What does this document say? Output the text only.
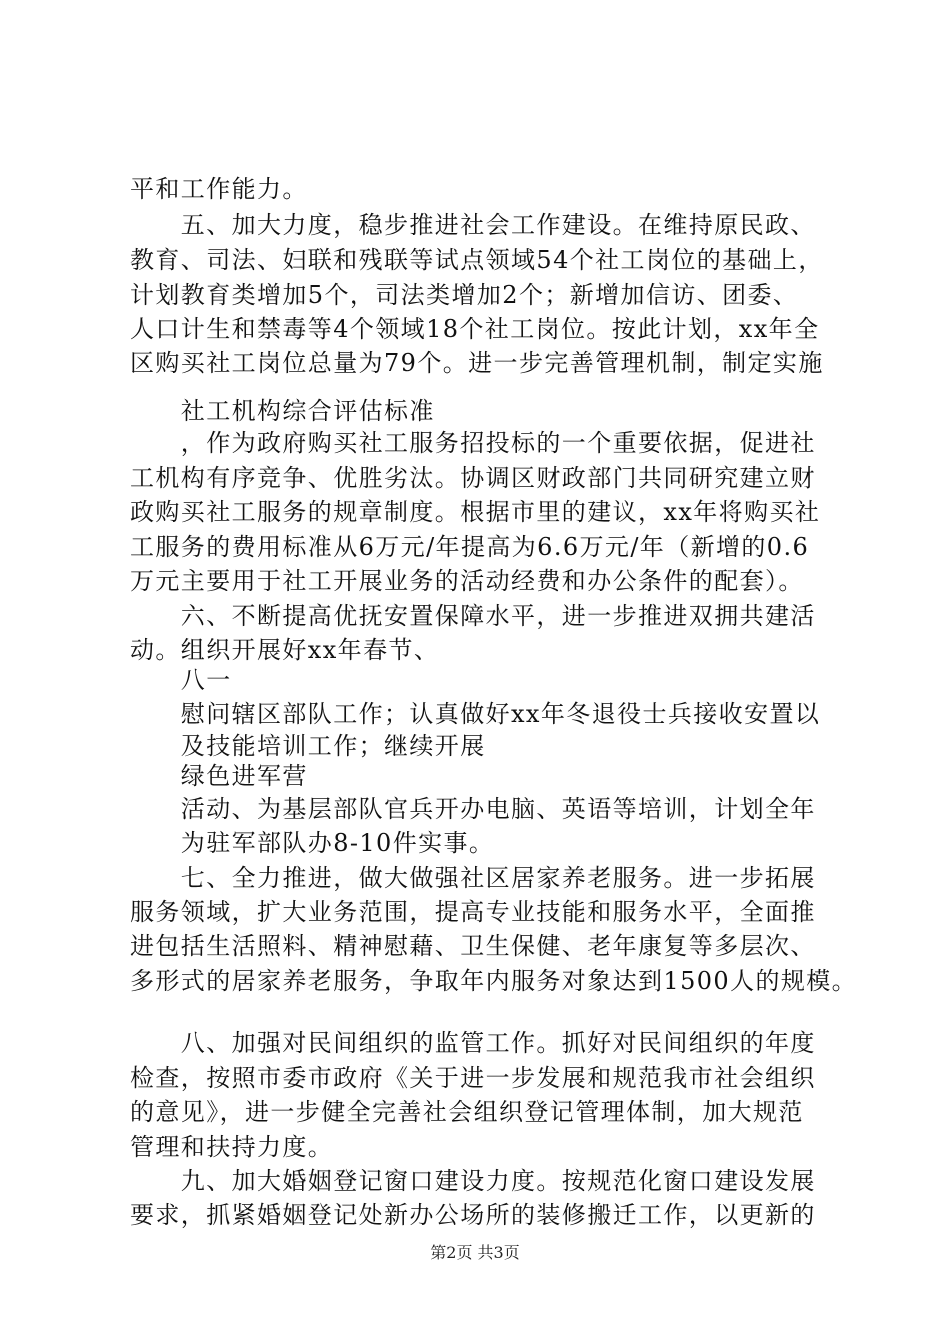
平和工作能力。
　　五、加大力度，稳步推进社会工作建设。在维持原民政、
教育、司法、妇联和残联等试点领域54个社工岗位的基础上，
计划教育类增加5个，司法类增加2个；新增加信访、团委、
人口计生和禁毒等4个领域18个社工岗位。按此计划，xx年全
区购买社工岗位总量为79个。进一步完善管理机制，制定实施
　　社工机构综合评估标准
　　，作为政府购买社工服务招投标的一个重要依据，促进社
工机构有序竞争、优胜劣汰。协调区财政部门共同研究建立财
政购买社工服务的规章制度。根据市里的建议，xx年将购买社
工服务的费用标准从6万元/年提高为6.6万元/年（新增的0.6
万元主要用于社工开展业务的活动经费和办公条件的配套）。
　　六、不断提高优抚安置保障水平，进一步推进双拥共建活
动。组织开展好xx年春节、
　　八一
　　慰问辖区部队工作；认真做好xx年冬退役士兵接收安置以
　　及技能培训工作；继续开展
　　绿色进军营
　　活动、为基层部队官兵开办电脑、英语等培训，计划全年
　　为驻军部队办8-10件实事。
　　七、全力推进，做大做强社区居家养老服务。进一步拓展
服务领域，扩大业务范围，提高专业技能和服务水平，全面推
进包括生活照料、精神慰藉、卫生保健、老年康复等多层次、
多形式的居家养老服务，争取年内服务对象达到1500人的规模。
　　八、加强对民间组织的监管工作。抓好对民间组织的年度
检查，按照市委市政府《关于进一步发展和规范我市社会组织
的意见》，进一步健全完善社会组织登记管理体制，加大规范
管理和扶持力度。
　　九、加大婚姻登记窗口建设力度。按规范化窗口建设发展
要求，抓紧婚姻登记处新办公场所的装修搬迁工作，以更新的
第2页 共3页
